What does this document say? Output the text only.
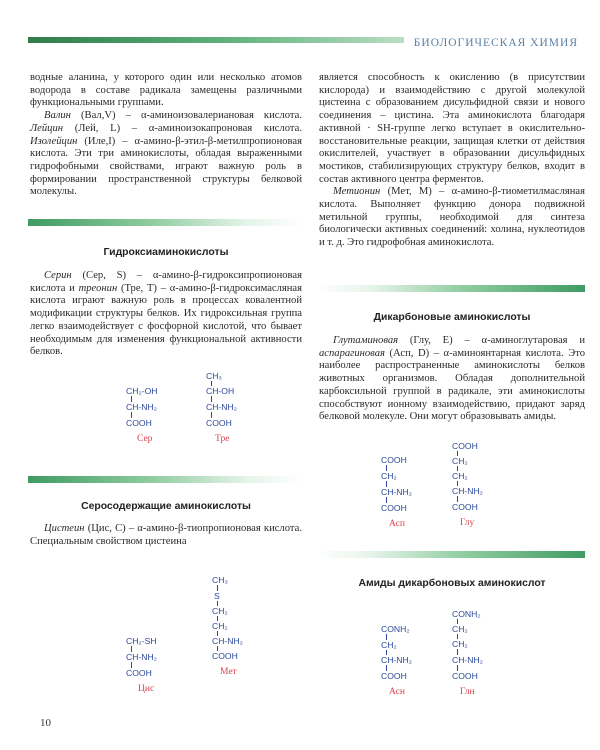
БИОЛОГИЧЕСКАЯ ХИМИЯ

водные аланина, у которого один или несколько атомов водорода в составе радикала замещены различными функциональными группами.

Валин (Вал,V) – α-аминоизовалериановая кислота. Лейцин (Лей, L) – α-аминоизокапроновая кислота. Изолейцин (Иле,I) – α-амино-β-этил-β-метилпропионовая кислота. Эти три аминокислоты, обладая выраженными гидрофобными свойствами, играют важную роль в формировании пространственной структуры белковой молекулы.

Гидроксиаминокислоты

Серин (Сер, S) – α-амино-β-гидроксипропионовая кислота и треонин (Тре, T) – α-амино-β-гидроксимасляная кислота играют важную роль в процессах ковалентной модификации структуры белков. Их гидроксильная группа легко взаимодействует с фосфорной кислотой, что бывает необходимым для изменения функциональной активности белков.

CH₂-OH
CH-NH₂
COOH
Сер
CH₃
CH-OH
CH-NH₂
COOH
Тре
Серосодержащие аминокислоты

Цистеин (Цис, C) – α-амино-β-тиопропионовая кислота. Специальным свойством цистеина

CH₂-SH
CH-NH₂
COOH
Цис
CH₃
S
CH₂
CH₂
CH-NH₂
COOH
Мет

является способность к окислению (в присутствии кислорода) и взаимодействию с другой молекулой цистеина с образованием дисульфидной связи и нового соединения – цистина. Эта аминокислота благодаря активной · SH-группе легко вступает в окислительно-восстановительные реакции, защищая клетки от действия окислителей, участвует в образовании дисульфидных мостиков, стабилизирующих структуру белков, входит в состав активного центра ферментов.

Метионин (Мет, M) – α-амино-β-тиометилмасляная кислота. Выполняет функцию донора подвижной метильной группы, необходимой для синтеза биологически активных соединений: холина, нуклеотидов и т. д. Это гидрофобная аминокислота.

Дикарбоновые аминокислоты

Глутаминовая (Глу, E) – α-аминоглутаровая и аспарагиновая (Асп, D) – α-аминоянтарная кислота. Это наиболее распространенные аминокислоты белков животных организмов. Обладая дополнительной карбоксильной группой в радикале, эти аминокислоты способствуют ионному взаимодействию, придают заряд белковой молекуле. Они могут образовывать амиды.

COOH
CH₂
CH-NH₂
COOH
Асп
COOH
CH₂
CH₂
CH-NH₂
COOH
Глу
Амиды дикарбоновых аминокислот
CONH₂
CH₂
CH-NH₂
COOH
Асн
CONH₂
CH₂
CH₂
CH-NH₂
COOH
Глн
10
